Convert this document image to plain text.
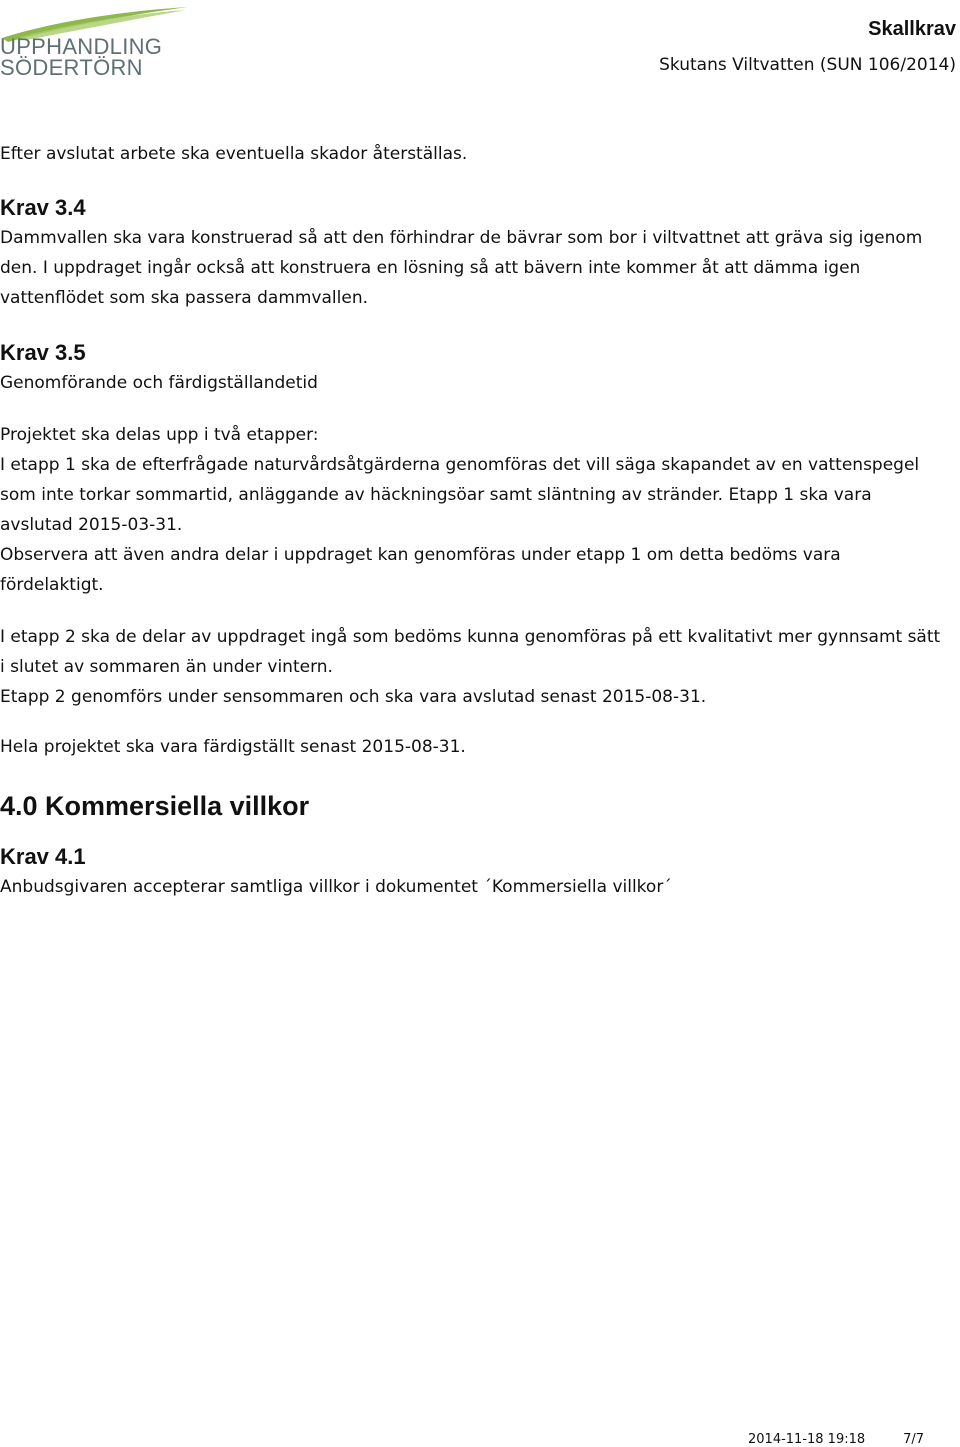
UPPHANDLING
SÖDERTÖRN
Skallkrav
Skutans Viltvatten (SUN 106/2014)

Efter avslutat arbete ska eventuella skador återställas.

Krav 3.4

Dammvallen ska vara konstruerad så att den förhindrar de bävrar som bor i viltvattnet att gräva sig igenom

den. I uppdraget ingår också att konstruera en lösning så att bävern inte kommer åt att dämma igen

vattenflödet som ska passera dammvallen.

Krav 3.5

Genomförande och färdigställandetid

Projektet ska delas upp i två etapper:

I etapp 1 ska de efterfrågade naturvårdsåtgärderna genomföras det vill säga skapandet av en vattenspegel

som inte torkar sommartid, anläggande av häckningsöar samt släntning av stränder. Etapp 1 ska vara

avslutad 2015-03-31.

Observera att även andra delar i uppdraget kan genomföras under etapp 1 om detta bedöms vara

fördelaktigt.

I etapp 2 ska de delar av uppdraget ingå som bedöms kunna genomföras på ett kvalitativt mer gynnsamt sätt

i slutet av sommaren än under vintern.

Etapp 2 genomförs under sensommaren och ska vara avslutad senast 2015-08-31.

Hela projektet ska vara färdigställt senast 2015-08-31.

4.0 Kommersiella villkor

Krav 4.1

Anbudsgivaren accepterar samtliga villkor i dokumentet ´Kommersiella villkor´

2014-11-18 19:18	7/7
